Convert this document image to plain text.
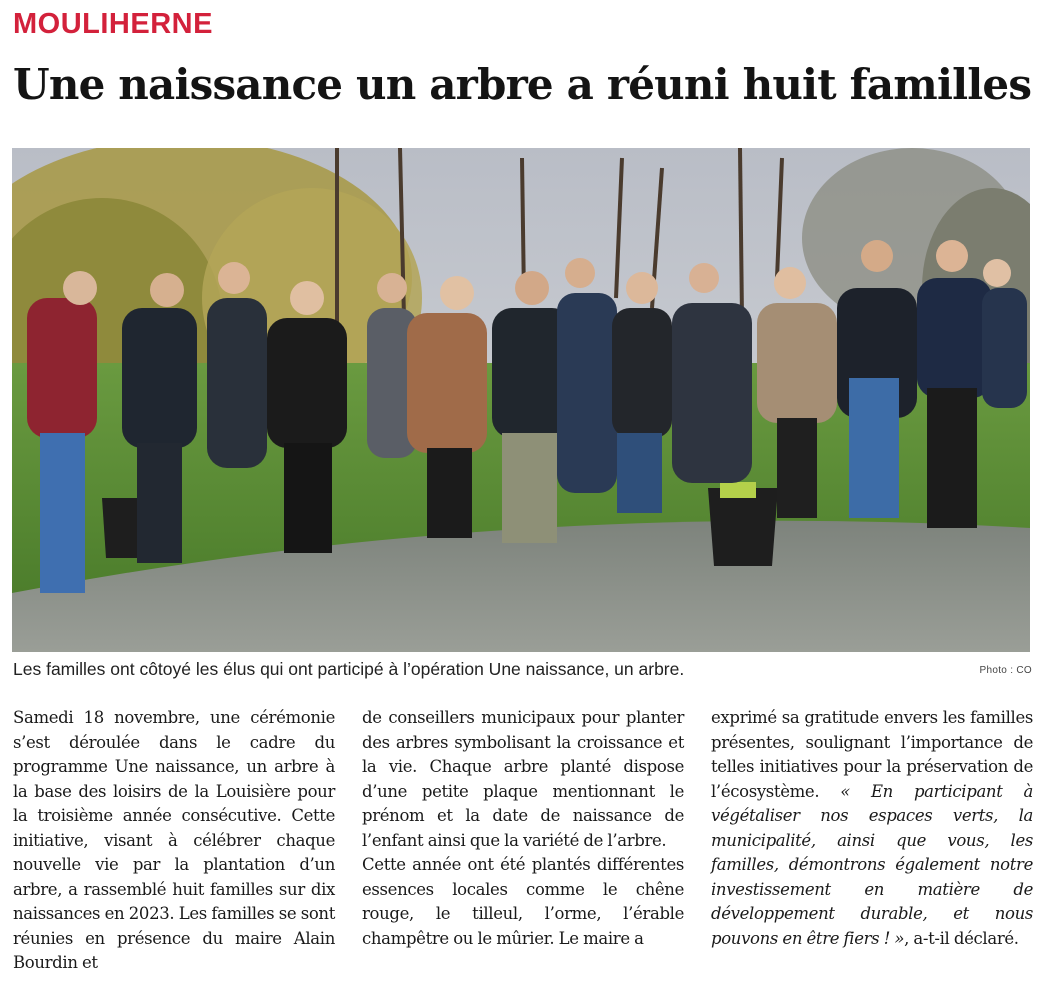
MOULIHERNE
Une naissance un arbre a réuni huit familles
Les familles ont côtoyé les élus qui ont participé à l’opération Une naissance, un arbre.	Photo : CO

Samedi 18 novembre, une cérémonie s’est déroulée dans le cadre du programme Une naissance, un arbre à la base des loisirs de la Louisière pour la troisième année consécutive. Cette initiative, visant à célébrer chaque nouvelle vie par la plantation d’un arbre, a rassemblé huit familles sur dix naissances en 2023. Les familles se sont réunies en présence du maire Alain Bourdin et

de conseillers municipaux pour planter des arbres symbolisant la croissance et la vie. Chaque arbre planté dispose d’une petite plaque mentionnant le prénom et la date de naissance de l’enfant ainsi que la variété de l’arbre.

Cette année ont été plantés différentes essences locales comme le chêne rouge, le tilleul, l’orme, l’érable champêtre ou le mûrier. Le maire a

exprimé sa gratitude envers les familles présentes, soulignant l’importance de telles initiatives pour la préservation de l’écosystème. « En participant à végétaliser nos espaces verts, la municipalité, ainsi que vous, les familles, démontrons également notre investissement en matière de développement durable, et nous pouvons en être fiers ! », a-t-il déclaré.
